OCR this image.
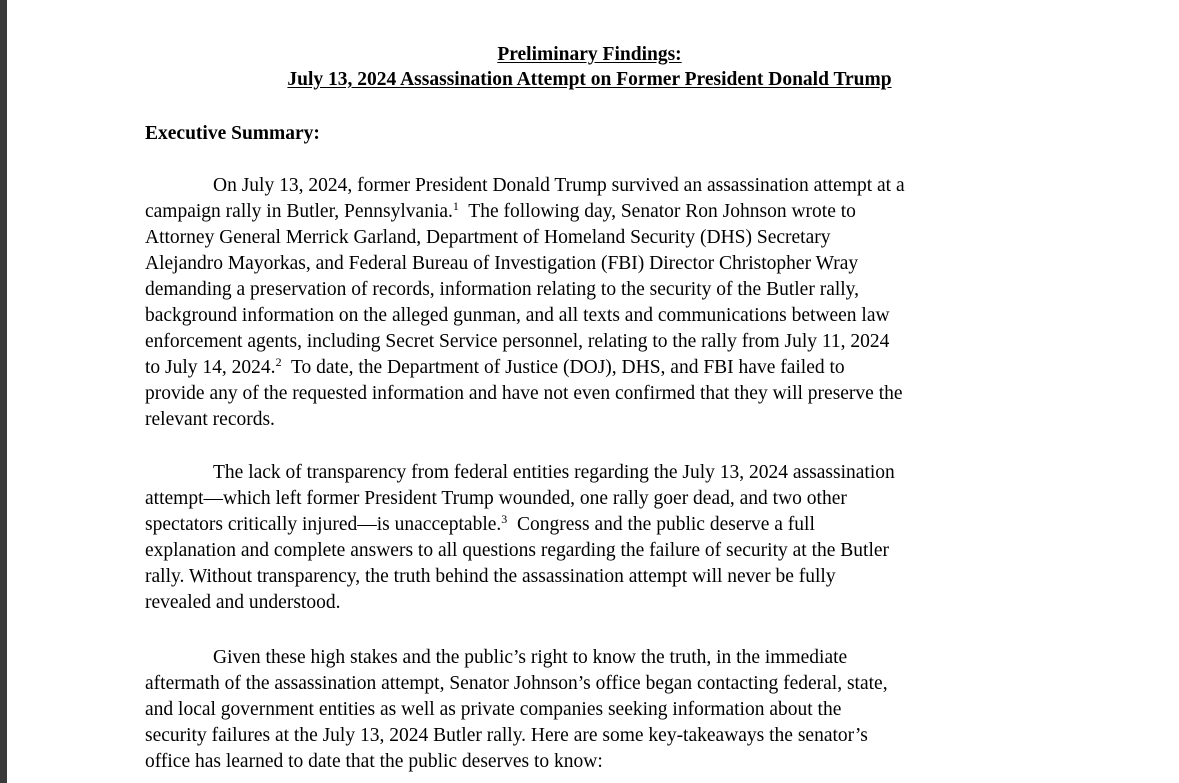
Preliminary Findings:
July 13, 2024 Assassination Attempt on Former President Donald Trump
Executive Summary:
On July 13, 2024, former President Donald Trump survived an assassination attempt at a
campaign rally in Butler, Pennsylvania.$^1$  The following day, Senator Ron Johnson wrote to
Attorney General Merrick Garland, Department of Homeland Security (DHS) Secretary
Alejandro Mayorkas, and Federal Bureau of Investigation (FBI) Director Christopher Wray
demanding a preservation of records, information relating to the security of the Butler rally,
background information on the alleged gunman, and all texts and communications between law
enforcement agents, including Secret Service personnel, relating to the rally from July 11, 2024
to July 14, 2024.$^2$  To date, the Department of Justice (DOJ), DHS, and FBI have failed to
provide any of the requested information and have not even confirmed that they will preserve the
relevant records.
The lack of transparency from federal entities regarding the July 13, 2024 assassination
attempt—which left former President Trump wounded, one rally goer dead, and two other
spectators critically injured—is unacceptable.$^3$  Congress and the public deserve a full
explanation and complete answers to all questions regarding the failure of security at the Butler
rally. Without transparency, the truth behind the assassination attempt will never be fully
revealed and understood.
Given these high stakes and the public’s right to know the truth, in the immediate
aftermath of the assassination attempt, Senator Johnson’s office began contacting federal, state,
and local government entities as well as private companies seeking information about the
security failures at the July 13, 2024 Butler rally. Here are some key-takeaways the senator’s
office has learned to date that the public deserves to know:
